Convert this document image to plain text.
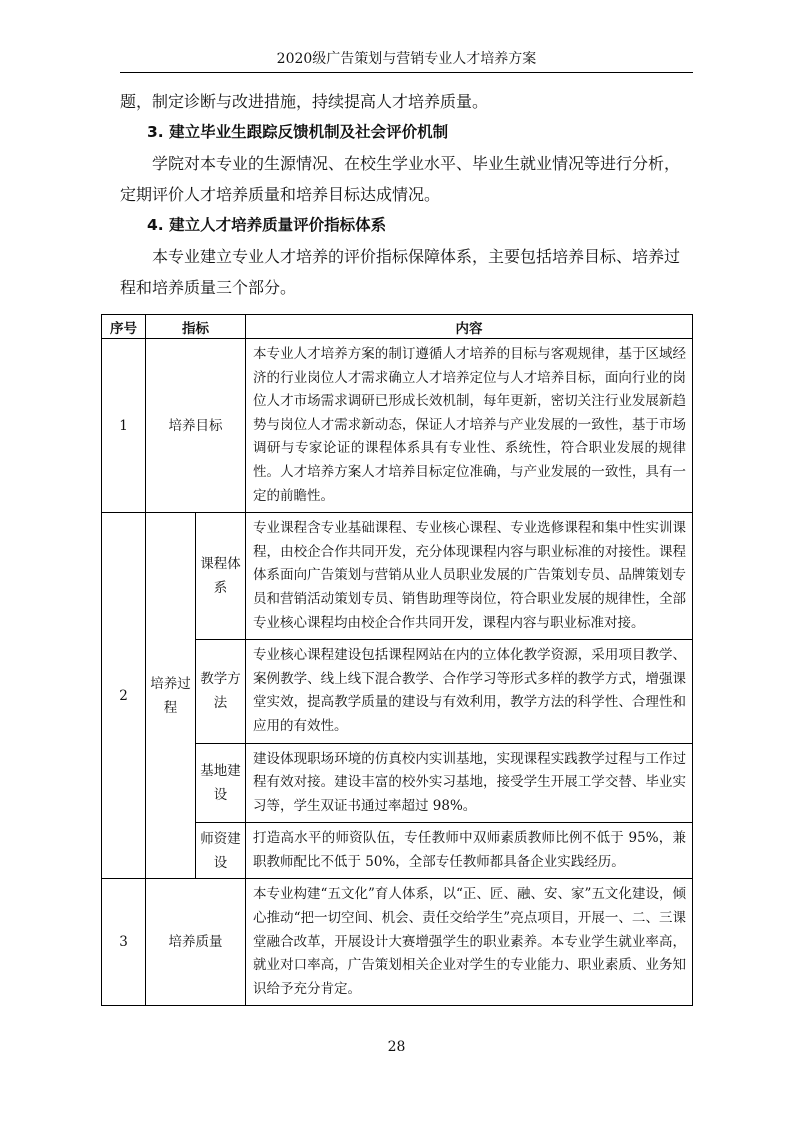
2020级广告策划与营销专业人才培养方案

题，制定诊断与改进措施，持续提高人才培养质量。

3. 建立毕业生跟踪反馈机制及社会评价机制

学院对本专业的生源情况、在校生学业水平、毕业生就业情况等进行分析，定期评价人才培养质量和培养目标达成情况。

4. 建立人才培养质量评价指标体系

本专业建立专业人才培养的评价指标保障体系，主要包括培养目标、培养过程和培养质量三个部分。

序号	指标		内容
1	培养目标		本专业人才培养方案的制订遵循人才培养的目标与客观规律，基于区域经济的行业岗位人才需求确立人才培养定位与人才培养目标，面向行业的岗位人才市场需求调研已形成长效机制，每年更新，密切关注行业发展新趋势与岗位人才需求新动态，保证人才培养与产业发展的一致性，基于市场调研与专家论证的课程体系具有专业性、系统性，符合职业发展的规律性。人才培养方案人才培养目标定位准确，与产业发展的一致性，具有一定的前瞻性。
2	培养过程	课程体系	专业课程含专业基础课程、专业核心课程、专业选修课程和集中性实训课程，由校企合作共同开发，充分体现课程内容与职业标准的对接性。课程体系面向广告策划与营销从业人员职业发展的广告策划专员、品牌策划专员和营销活动策划专员、销售助理等岗位，符合职业发展的规律性，全部专业核心课程均由校企合作共同开发，课程内容与职业标准对接。
		教学方法	专业核心课程建设包括课程网站在内的立体化教学资源，采用项目教学、案例教学、线上线下混合教学、合作学习等形式多样的教学方式，增强课堂实效，提高教学质量的建设与有效利用，教学方法的科学性、合理性和应用的有效性。
		基地建设	建设体现职场环境的仿真校内实训基地，实现课程实践教学过程与工作过程有效对接。建设丰富的校外实习基地，接受学生开展工学交替、毕业实习等，学生双证书通过率超过 98%。
		师资建设	打造高水平的师资队伍，专任教师中双师素质教师比例不低于 95%，兼职教师配比不低于 50%，全部专任教师都具备企业实践经历。
3	培养质量		本专业构建“五文化”育人体系，以“正、匠、融、安、家”五文化建设，倾心推动“把一切空间、机会、责任交给学生”亮点项目，开展一、二、三课堂融合改革，开展设计大赛增强学生的职业素养。本专业学生就业率高，就业对口率高，广告策划相关企业对学生的专业能力、职业素质、业务知识给予充分肯定。
28
